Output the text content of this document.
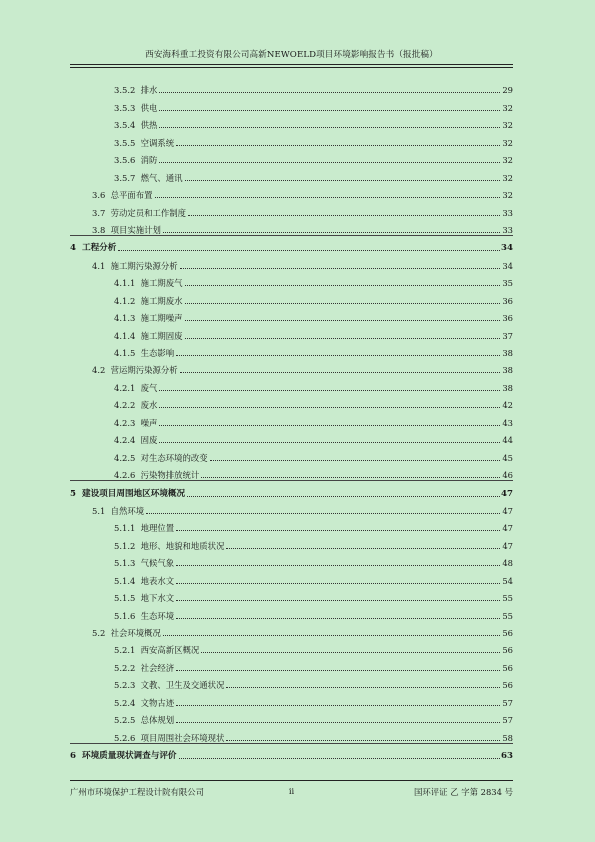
西安海科重工投资有限公司高新NEWOELD项目环境影响报告书（报批稿）
3.5.2 排水	29
3.5.3 供电	32
3.5.4 供热	32
3.5.5 空调系统	32
3.5.6 消防	32
3.5.7 燃气、通讯	32
3.6 总平面布置	32
3.7 劳动定员和工作制度	33
3.8 项目实施计划	33
4 工程分析	34
4.1 施工期污染源分析	34
4.1.1 施工期废气	35
4.1.2 施工期废水	36
4.1.3 施工期噪声	36
4.1.4 施工期固废	37
4.1.5 生态影响	38
4.2 营运期污染源分析	38
4.2.1 废气	38
4.2.2 废水	42
4.2.3 噪声	43
4.2.4 固废	44
4.2.5 对生态环境的改变	45
4.2.6 污染物排放统计	46
5 建设项目周围地区环境概况	47
5.1 自然环境	47
5.1.1 地理位置	47
5.1.2 地形、地貌和地质状况	47
5.1.3 气候气象	48
5.1.4 地表水文	54
5.1.5 地下水文	55
5.1.6 生态环境	55
5.2 社会环境概况	56
5.2.1 西安高新区概况	56
5.2.2 社会经济	56
5.2.3 文教、卫生及交通状况	56
5.2.4 文物古迹	57
5.2.5 总体规划	57
5.2.6 项目周围社会环境现状	58
6 环境质量现状调查与评价	63
广州市环境保护工程设计院有限公司	ii	国环评证 乙 字第 2834 号
